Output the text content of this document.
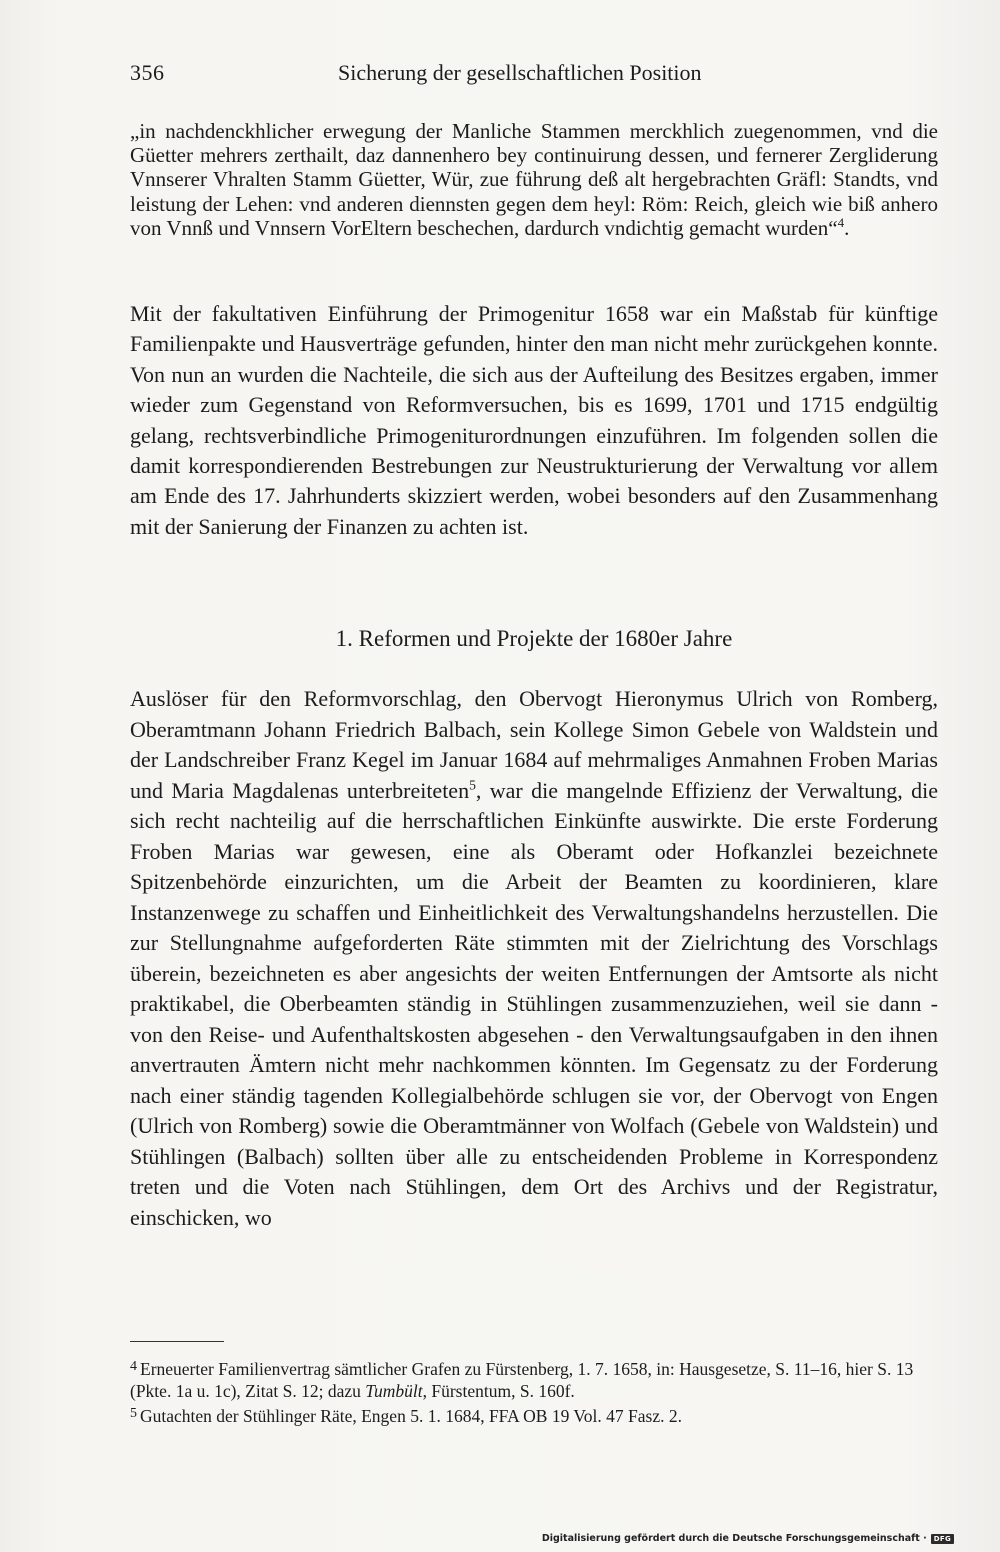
356	Sicherung der gesellschaftlichen Position

„in nachdenckhlicher erwegung der Manliche Stammen merckhlich zuegenommen, vnd die Güetter mehrers zerthailt, daz dannenhero bey continuirung dessen, und fernerer Zergliderung Vnnserer Vhralten Stamm Güetter, Wür, zue führung deß alt hergebrachten Gräfl: Standts, vnd leistung der Lehen: vnd anderen diennsten gegen dem heyl: Röm: Reich, gleich wie biß anhero von Vnnß und Vnnsern VorEltern beschechen, dardurch vndichtig gemacht wurden“$^4$.

Mit der fakultativen Einführung der Primogenitur 1658 war ein Maßstab für künftige Familienpakte und Hausverträge gefunden, hinter den man nicht mehr zurückgehen konnte. Von nun an wurden die Nachteile, die sich aus der Aufteilung des Besitzes ergaben, immer wieder zum Gegenstand von Reformversuchen, bis es 1699, 1701 und 1715 endgültig gelang, rechtsverbindliche Primogeniturordnungen einzuführen. Im folgenden sollen die damit korrespondierenden Bestrebungen zur Neustrukturierung der Verwaltung vor allem am Ende des 17. Jahrhunderts skizziert werden, wobei besonders auf den Zusammenhang mit der Sanierung der Finanzen zu achten ist.

1. Reformen und Projekte der 1680er Jahre

Auslöser für den Reformvorschlag, den Obervogt Hieronymus Ulrich von Romberg, Oberamtmann Johann Friedrich Balbach, sein Kollege Simon Gebele von Waldstein und der Landschreiber Franz Kegel im Januar 1684 auf mehrmaliges Anmahnen Froben Marias und Maria Magdalenas unterbreiteten$^5$, war die mangelnde Effizienz der Verwaltung, die sich recht nachteilig auf die herrschaftlichen Einkünfte auswirkte. Die erste Forderung Froben Marias war gewesen, eine als Oberamt oder Hofkanzlei bezeichnete Spitzenbehörde einzurichten, um die Arbeit der Beamten zu koordinieren, klare Instanzenwege zu schaffen und Einheitlichkeit des Verwaltungshandelns herzustellen. Die zur Stellungnahme aufgeforderten Räte stimmten mit der Zielrichtung des Vorschlags überein, bezeichneten es aber angesichts der weiten Entfernungen der Amtsorte als nicht praktikabel, die Oberbeamten ständig in Stühlingen zusammenzuziehen, weil sie dann - von den Reise- und Aufenthaltskosten abgesehen - den Verwaltungsaufgaben in den ihnen anvertrauten Ämtern nicht mehr nachkommen könnten. Im Gegensatz zu der Forderung nach einer ständig tagenden Kollegialbehörde schlugen sie vor, der Obervogt von Engen (Ulrich von Romberg) sowie die Oberamtmänner von Wolfach (Gebele von Waldstein) und Stühlingen (Balbach) sollten über alle zu entscheidenden Probleme in Korrespondenz treten und die Voten nach Stühlingen, dem Ort des Archivs und der Registratur, einschicken, wo

$^4$ Erneuerter Familienvertrag sämtlicher Grafen zu Fürstenberg, 1. 7. 1658, in: Hausgesetze, S. 11–16, hier S. 13 (Pkte. 1a u. 1c), Zitat S. 12; dazu Tumbült, Fürstentum, S. 160f.

$^5$ Gutachten der Stühlinger Räte, Engen 5. 1. 1684, FFA OB 19 Vol. 47 Fasz. 2.

Digitalisierung gefördert durch die Deutsche Forschungsgemeinschaft ·	DFG
